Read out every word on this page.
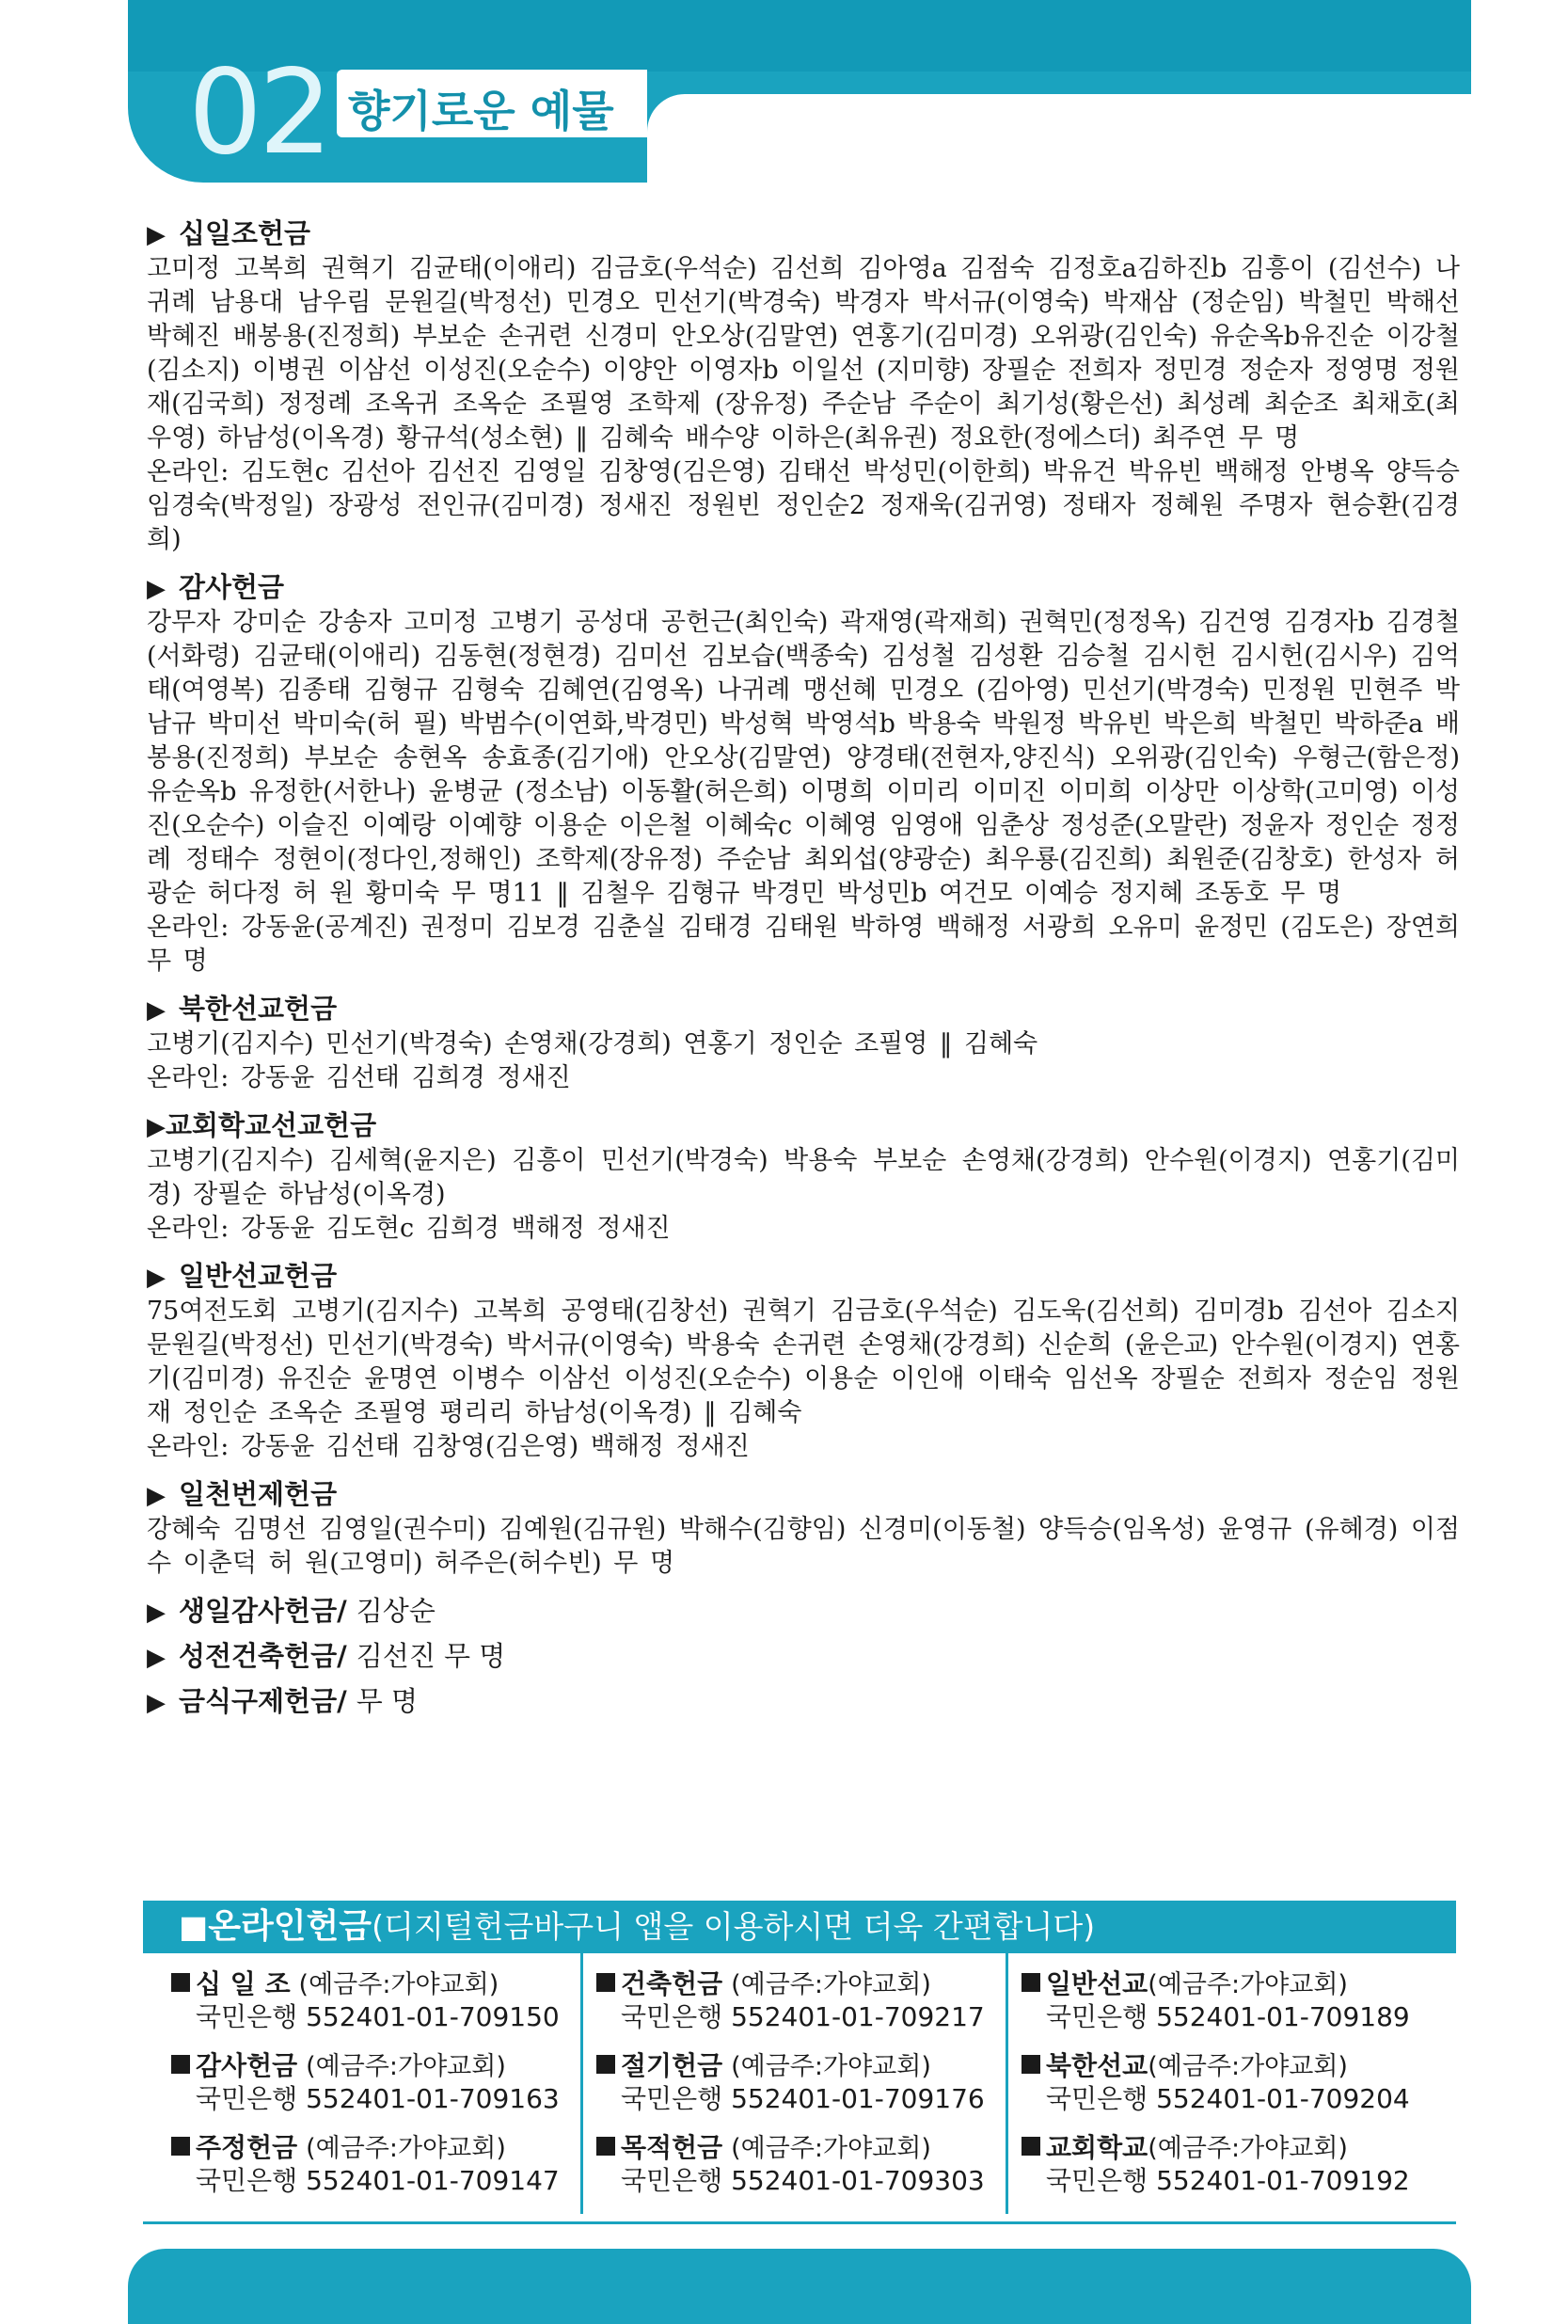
02 향기로운 예물
▶ 십일조헌금
고미정 고복희 권혁기 김균태(이애리) 김금호(우석순) 김선희 김아영a 김점숙 김정호a김하진b 김흥이 (김선수) 나귀례 남용대 남우림 문원길(박정선) 민경오 민선기(박경숙) 박경자 박서규(이영숙) 박재삼 (정순임) 박철민 박해선 박혜진 배봉용(진정희) 부보순 손귀련 신경미 안오상(김말연) 연홍기(김미경) 오위광(김인숙) 유순옥b유진순 이강철(김소지) 이병권 이삼선 이성진(오순수) 이양안 이영자b 이일선 (지미향) 장필순 전희자 정민경 정순자 정영명 정원재(김국희) 정정례 조옥귀 조옥순 조필영 조학제 (장유정) 주순남 주순이 최기성(황은선) 최성례 최순조 최채호(최우영) 하남성(이옥경) 황규석(성소현) ‖ 김혜숙 배수양 이하은(최유권) 정요한(정에스더) 최주연 무 명
온라인: 김도현c 김선아 김선진 김영일 김창영(김은영) 김태선 박성민(이한희) 박유건 박유빈 백해정 안병옥 양득승 임경숙(박정일) 장광성 전인규(김미경) 정새진 정원빈 정인순2 정재욱(김귀영) 정태자 정혜원 주명자 현승환(김경희)
▶ 감사헌금
강무자 강미순 강송자 고미정 고병기 공성대 공헌근(최인숙) 곽재영(곽재희) 권혁민(정정옥) 김건영 김경자b 김경철(서화령) 김균태(이애리) 김동현(정현경) 김미선 김보습(백종숙) 김성철 김성환 김승철 김시헌 김시헌(김시우) 김억태(여영복) 김종태 김형규 김형숙 김혜연(김영옥) 나귀례 맹선혜 민경오 (김아영) 민선기(박경숙) 민정원 민현주 박남규 박미선 박미숙(허 필) 박범수(이연화,박경민) 박성혁 박영석b 박용숙 박원정 박유빈 박은희 박철민 박하준a 배봉용(진정희) 부보순 송현옥 송효종(김기애) 안오상(김말연) 양경태(전현자,양진식) 오위광(김인숙) 우형근(함은정) 유순옥b 유정한(서한나) 윤병균 (정소남) 이동활(허은희) 이명희 이미리 이미진 이미희 이상만 이상학(고미영) 이성진(오순수) 이슬진 이예랑 이예향 이용순 이은철 이혜숙c 이혜영 임영애 임춘상 정성준(오말란) 정윤자 정인순 정정례 정태수 정현이(정다인,정해인) 조학제(장유정) 주순남 최외섭(양광순) 최우룡(김진희) 최원준(김창호) 한성자 허광순 허다정 허 원 황미숙 무 명11 ‖ 김철우 김형규 박경민 박성민b 여건모 이예승 정지혜 조동호 무 명
온라인: 강동윤(공계진) 권정미 김보경 김춘실 김태경 김태원 박하영 백해정 서광희 오유미 윤정민 (김도은) 장연희 무 명
▶ 북한선교헌금
고병기(김지수) 민선기(박경숙) 손영채(강경희) 연홍기 정인순 조필영 ‖ 김혜숙
온라인: 강동윤 김선태 김희경 정새진
▶교회학교선교헌금
고병기(김지수) 김세혁(윤지은) 김흥이 민선기(박경숙) 박용숙 부보순 손영채(강경희) 안수원(이경지) 연홍기(김미경) 장필순 하남성(이옥경)
온라인: 강동윤 김도현c 김희경 백해정 정새진
▶ 일반선교헌금
75여전도회 고병기(김지수) 고복희 공영태(김창선) 권혁기 김금호(우석순) 김도욱(김선희) 김미경b 김선아 김소지 문원길(박정선) 민선기(박경숙) 박서규(이영숙) 박용숙 손귀련 손영채(강경희) 신순희 (윤은교) 안수원(이경지) 연홍기(김미경) 유진순 윤명연 이병수 이삼선 이성진(오순수) 이용순 이인애 이태숙 임선옥 장필순 전희자 정순임 정원재 정인순 조옥순 조필영 평리리 하남성(이옥경) ‖ 김혜숙
온라인: 강동윤 김선태 김창영(김은영) 백해정 정새진
▶ 일천번제헌금
강혜숙 김명선 김영일(권수미) 김예원(김규원) 박해수(김향임) 신경미(이동철) 양득승(임옥성) 윤영규 (유혜경) 이점수 이춘덕 허 원(고영미) 허주은(허수빈) 무 명
▶ 생일감사헌금/ 김상순
▶ 성전건축헌금/ 김선진 무 명
▶ 금식구제헌금/ 무 명
■온라인헌금(디지털헌금바구니 앱을 이용하시면 더욱 간편합니다)
십 일 조 (예금주:가야교회)
국민은행 552401-01-709150
감사헌금 (예금주:가야교회)
국민은행 552401-01-709163
주정헌금 (예금주:가야교회)
국민은행 552401-01-709147
건축헌금 (예금주:가야교회)
국민은행 552401-01-709217
절기헌금 (예금주:가야교회)
국민은행 552401-01-709176
목적헌금 (예금주:가야교회)
국민은행 552401-01-709303
일반선교(예금주:가야교회)
국민은행 552401-01-709189
북한선교(예금주:가야교회)
국민은행 552401-01-709204
교회학교(예금주:가야교회)
국민은행 552401-01-709192
